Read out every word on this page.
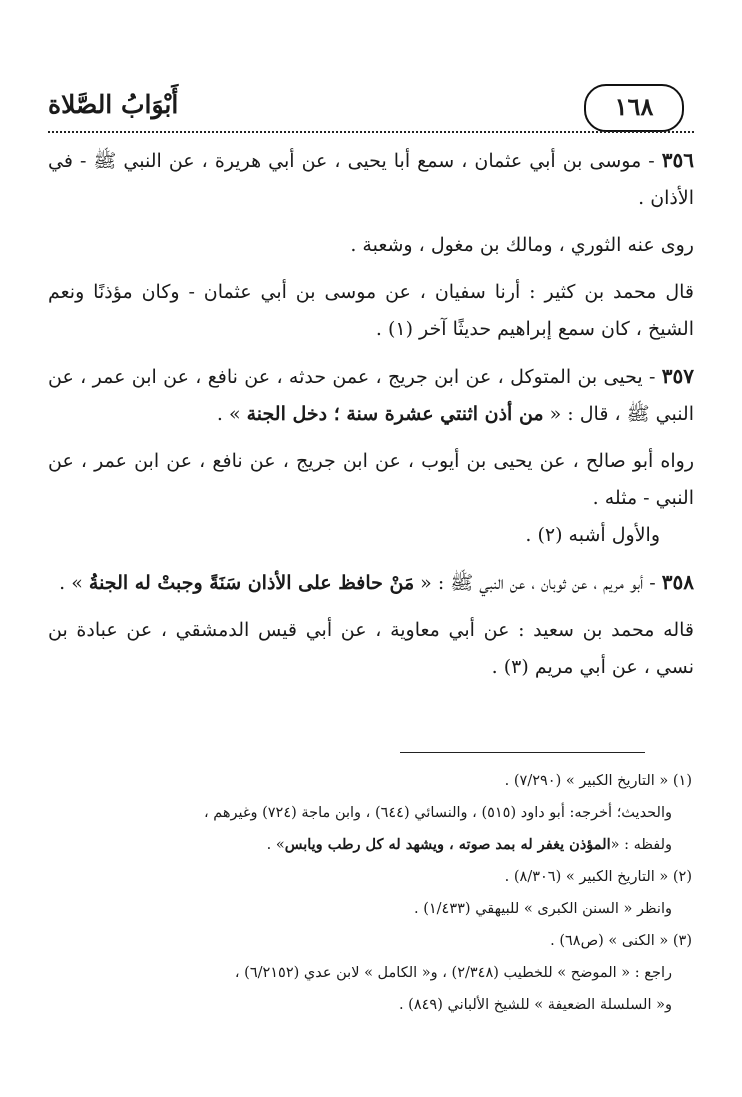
أَبْوَابُ الصَّلاة	١٦٨

٣٥٦ - موسى بن أبي عثمان ، سمع أبا يحيى ، عن أبي هريرة ، عن النبي ﷺ - في الأذان .

روى عنه الثوري ، ومالك بن مغول ، وشعبة .

قال محمد بن كثير : أرنا سفيان ، عن موسى بن أبي عثمان - وكان مؤذنًا ونعم الشيخ ، كان سمع إبراهيم حديثًا آخر (١) .

٣٥٧ - يحيى بن المتوكل ، عن ابن جريج ، عمن حدثه ، عن نافع ، عن ابن عمر ، عن النبي ﷺ ، قال : « من أذن اثنتي عشرة سنة ؛ دخل الجنة » .

رواه أبو صالح ، عن يحيى بن أيوب ، عن ابن جريج ، عن نافع ، عن ابن عمر ، عن النبي - مثله .

والأول أشبه (٢) .

٣٥٨ - أبو مريم ، عن ثوبان ، عن النبي ﷺ : « مَنْ حافظ على الأذان سَنَةً وجبتْ له الجنةُ » .

قاله محمد بن سعيد : عن أبي معاوية ، عن أبي قيس الدمشقي ، عن عبادة بن نسي ، عن أبي مريم (٣) .

(١) « التاريخ الكبير » (٧/٢٩٠) .
والحديث؛ أخرجه: أبو داود (٥١٥) ، والنسائي (٦٤٤) ، وابن ماجة (٧٢٤) وغيرهم ،
ولفظه : «المؤذن يغفر له بمد صوته ، ويشهد له كل رطب ويابس» .
(٢) « التاريخ الكبير » (٨/٣٠٦) .
وانظر « السنن الكبرى » للبيهقي (١/٤٣٣) .
(٣) « الكنى » (ص٦٨) .
راجع : « الموضح » للخطيب (٢/٣٤٨) ، و« الكامل » لابن عدي (٦/٢١٥٢) ،
و« السلسلة الضعيفة » للشيخ الألباني (٨٤٩) .
